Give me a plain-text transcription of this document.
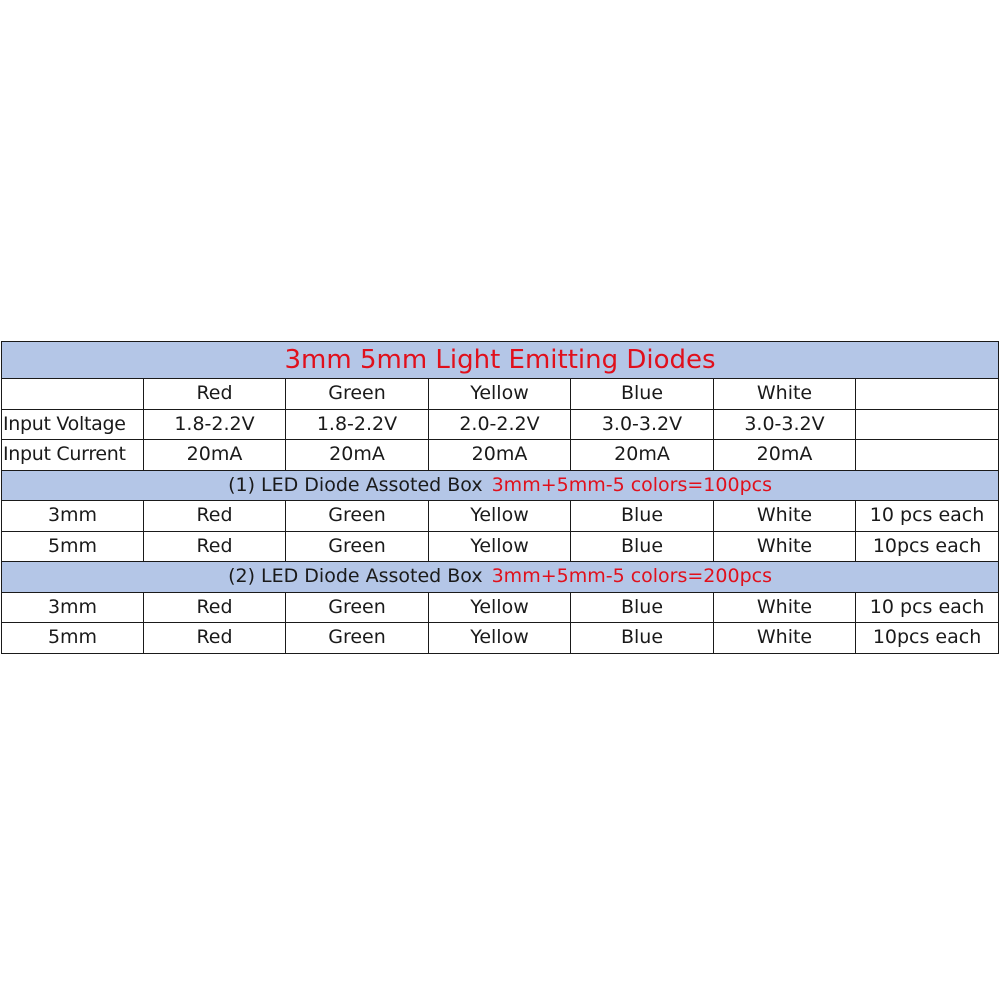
3mm 5mm Light Emitting Diodes						
	Red	Green	Yellow	Blue	White	
Input Voltage	1.8-2.2V	1.8-2.2V	2.0-2.2V	3.0-3.2V	3.0-3.2V	
Input Current	20mA	20mA	20mA	20mA	20mA	
(1) LED Diode Assoted Box 3mm+5mm-5 colors=100pcs						
3mm	Red	Green	Yellow	Blue	White	10 pcs each
5mm	Red	Green	Yellow	Blue	White	10pcs each
(2) LED Diode Assoted Box 3mm+5mm-5 colors=200pcs						
3mm	Red	Green	Yellow	Blue	White	10 pcs each
5mm	Red	Green	Yellow	Blue	White	10pcs each
